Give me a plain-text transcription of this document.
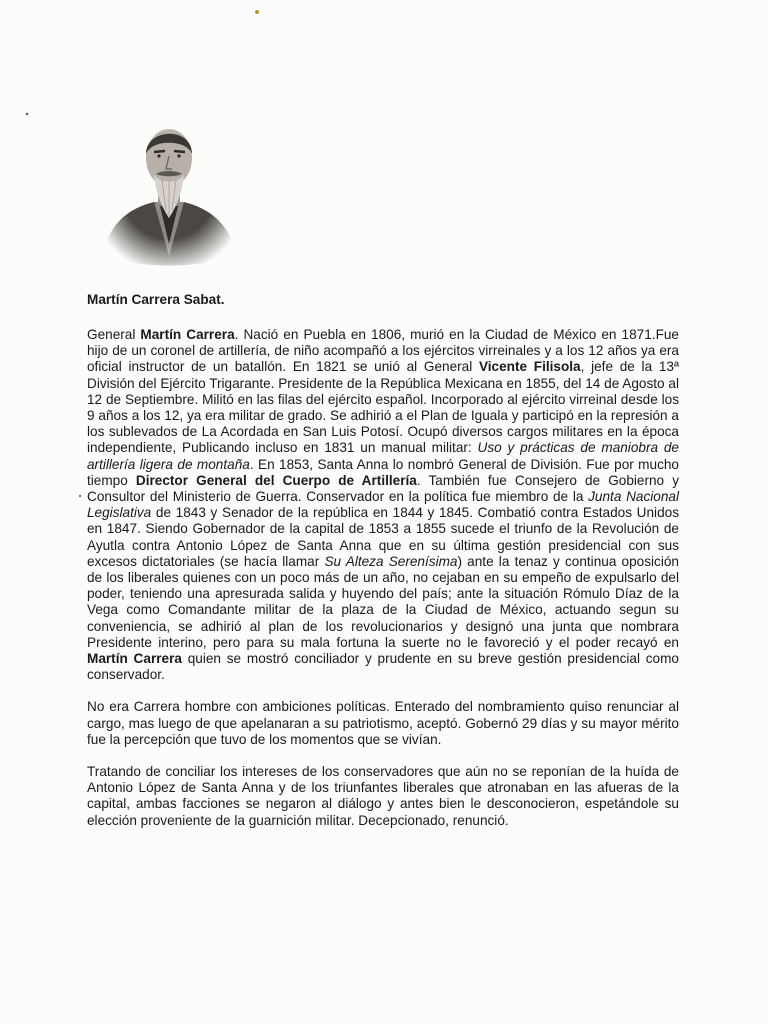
Martín Carrera Sabat.

General Martín Carrera. Nació en Puebla en 1806, murió en la Ciudad de México en 1871.Fue hijo de un coronel de artillería, de niño acompañó a los ejércitos virreinales y a los 12 años ya era oficial instructor de un batallón. En 1821 se unió al General Vicente Filisola, jefe de la 13ª División del Ejército Trigarante. Presidente de la República Mexicana en 1855, del 14 de Agosto al 12 de Septiembre. Militó en las filas del ejército español. Incorporado al ejército virreinal desde los 9 años a los 12, ya era militar de grado. Se adhirió a el Plan de Iguala y participó en la represión a los sublevados de La Acordada en San Luis Potosí. Ocupó diversos cargos militares en la época independiente, Publicando incluso en 1831 un manual militar: Uso y prácticas de maniobra de artillería ligera de montaña. En 1853, Santa Anna lo nombró General de División. Fue por mucho tiempo Director General del Cuerpo de Artillería. También fue Consejero de Gobierno y Consultor del Ministerio de Guerra. Conservador en la política fue miembro de la Junta Nacional Legislativa de 1843 y Senador de la república en 1844 y 1845. Combatió contra Estados Unidos en 1847. Siendo Gobernador de la capital de 1853 a 1855 sucede el triunfo de la Revolución de Ayutla contra Antonio López de Santa Anna que en su última gestión presidencial con sus excesos dictatoriales (se hacía llamar Su Alteza Serenísima) ante la tenaz y continua oposición de los liberales quienes con un poco más de un año, no cejaban en su empeño de expulsarlo del poder, teniendo una apresurada salida y huyendo del país; ante la situación Rómulo Díaz de la Vega como Comandante militar de la plaza de la Ciudad de México, actuando segun su conveniencia, se adhirió al plan de los revolucionarios y designó una junta que nombrara Presidente interino, pero para su mala fortuna la suerte no le favoreció y el poder recayó en Martín Carrera quien se mostró conciliador y prudente en su breve gestión presidencial como conservador.

No era Carrera hombre con ambiciones políticas. Enterado del nombramiento quiso renunciar al cargo, mas luego de que apelanaran a su patriotismo, aceptó. Gobernó 29 días y su mayor mérito fue la percepción que tuvo de los momentos que se vivían.

Tratando de conciliar los intereses de los conservadores que aún no se reponían de la huída de Antonio López de Santa Anna y de los triunfantes liberales que atronaban en las afueras de la capital, ambas facciones se negaron al diálogo y antes bien le desconocieron, espetándole su elección proveniente de la guarnición militar. Decepcionado, renunció.
